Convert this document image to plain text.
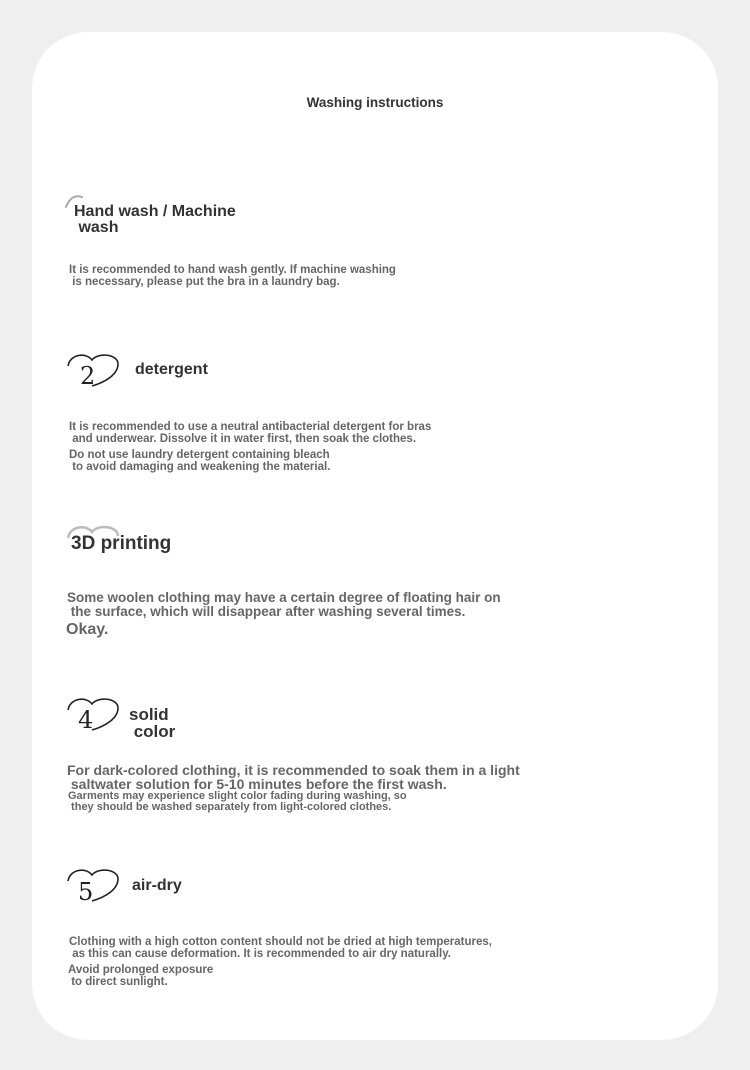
Washing instructions
Hand wash / Machine
wash
It is recommended to hand wash gently. If machine washing
is necessary, please put the bra in a laundry bag.
2 detergent
It is recommended to use a neutral antibacterial detergent for bras
and underwear. Dissolve it in water first, then soak the clothes.
Do not use laundry detergent containing bleach
to avoid damaging and weakening the material.
3D printing
Some woolen clothing may have a certain degree of floating hair on
the surface, which will disappear after washing several times.
Okay.
4 solid
color
For dark-colored clothing, it is recommended to soak them in a light
saltwater solution for 5-10 minutes before the first wash.
Garments may experience slight color fading during washing, so
they should be washed separately from light-colored clothes.
5 air-dry
Clothing with a high cotton content should not be dried at high temperatures,
as this can cause deformation. It is recommended to air dry naturally.
Avoid prolonged exposure
to direct sunlight.
